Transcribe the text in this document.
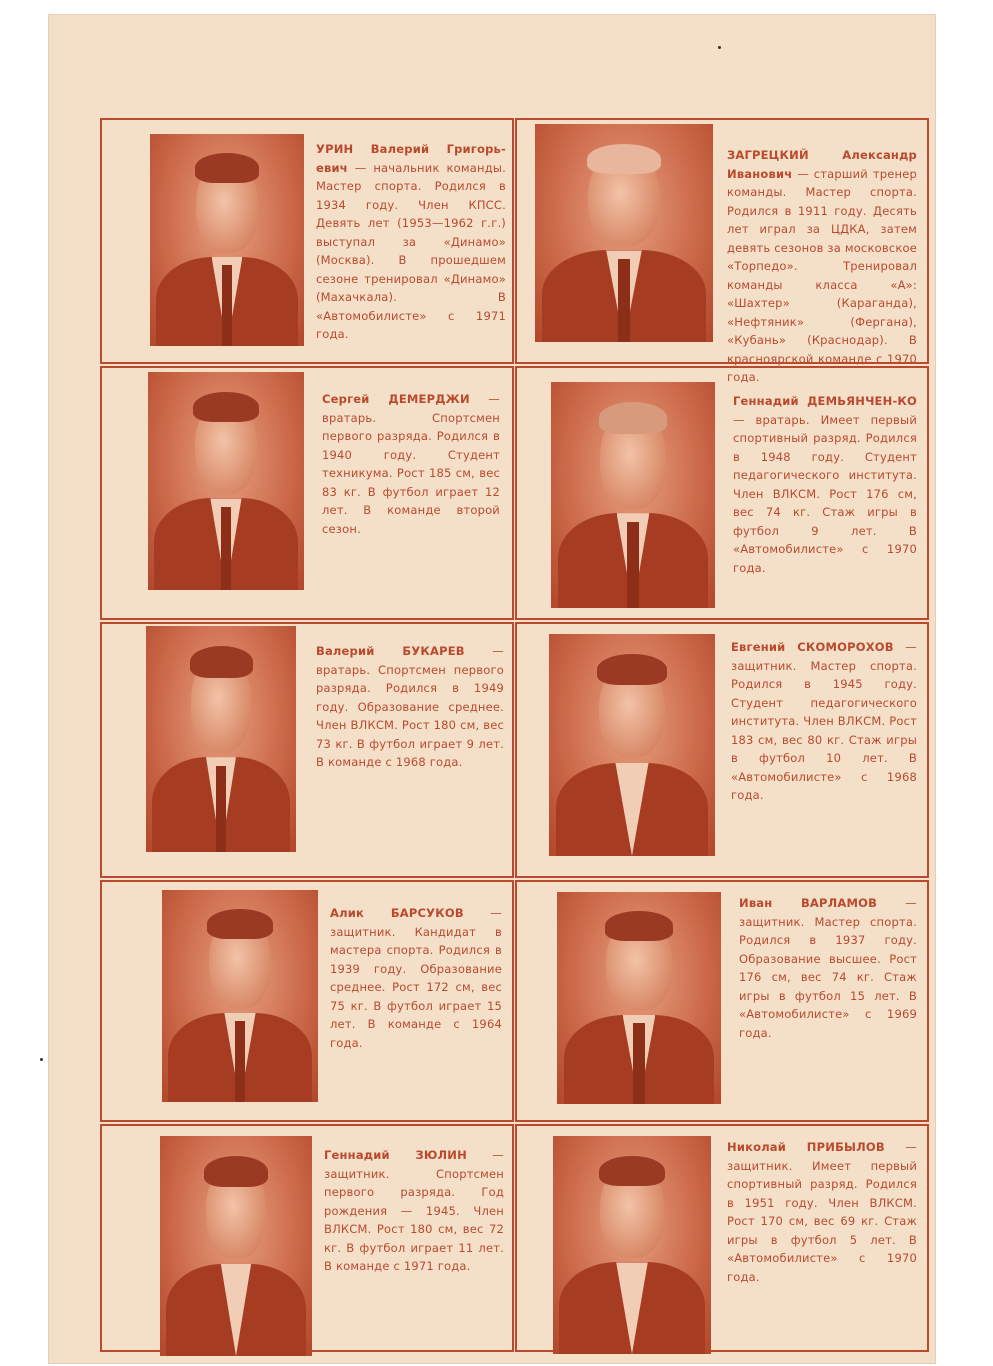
УРИН Валерий Григорь-евич — начальник команды. Мастер спорта. Родился в 1934 году. Член КПСС. Девять лет (1953—1962 г.г.) выступал за «Динамо» (Москва). В прошедшем сезоне тренировал «Динамо» (Махачкала). В «Автомобилисте» с 1971 года.
ЗАГРЕЦКИЙ Александр Иванович — старший тренер команды. Мастер спорта. Родился в 1911 году. Десять лет играл за ЦДКА, затем девять сезонов за московское «Торпедо». Тренировал команды класса «А»: «Шахтер» (Караганда), «Нефтяник» (Фергана), «Кубань» (Краснодар). В красноярской команде с 1970 года.
Сергей ДЕМЕРДЖИ — вратарь. Спортсмен первого разряда. Родился в 1940 году. Студент техникума. Рост 185 см, вес 83 кг. В футбол играет 12 лет. В команде второй сезон.
Геннадий ДЕМЬЯНЧЕН-КО — вратарь. Имеет первый спортивный разряд. Родился в 1948 году. Студент педагогического института. Член ВЛКСМ. Рост 176 см, вес 74 кг. Стаж игры в футбол 9 лет. В «Автомобилисте» с 1970 года.
Валерий БУКАРЕВ — вратарь. Спортсмен первого разряда. Родился в 1949 году. Образование среднее. Член ВЛКСМ. Рост 180 см, вес 73 кг. В футбол играет 9 лет. В команде с 1968 года.
Евгений СКОМОРОХОВ — защитник. Мастер спорта. Родился в 1945 году. Студент педагогического института. Член ВЛКСМ. Рост 183 см, вес 80 кг. Стаж игры в футбол 10 лет. В «Автомобилисте» с 1968 года.
Алик БАРСУКОВ — защитник. Кандидат в мастера спорта. Родился в 1939 году. Образование среднее. Рост 172 см, вес 75 кг. В футбол играет 15 лет. В команде с 1964 года.
Иван ВАРЛАМОВ — защитник. Мастер спорта. Родился в 1937 году. Образование высшее. Рост 176 см, вес 74 кг. Стаж игры в футбол 15 лет. В «Автомобилисте» с 1969 года.
Геннадий ЗЮЛИН — защитник. Спортсмен первого разряда. Год рождения — 1945. Член ВЛКСМ. Рост 180 см, вес 72 кг. В футбол играет 11 лет. В команде с 1971 года.
Николай ПРИБЫЛОВ — защитник. Имеет первый спортивный разряд. Родился в 1951 году. Член ВЛКСМ. Рост 170 см, вес 69 кг. Стаж игры в футбол 5 лет. В «Автомобилисте» с 1970 года.
